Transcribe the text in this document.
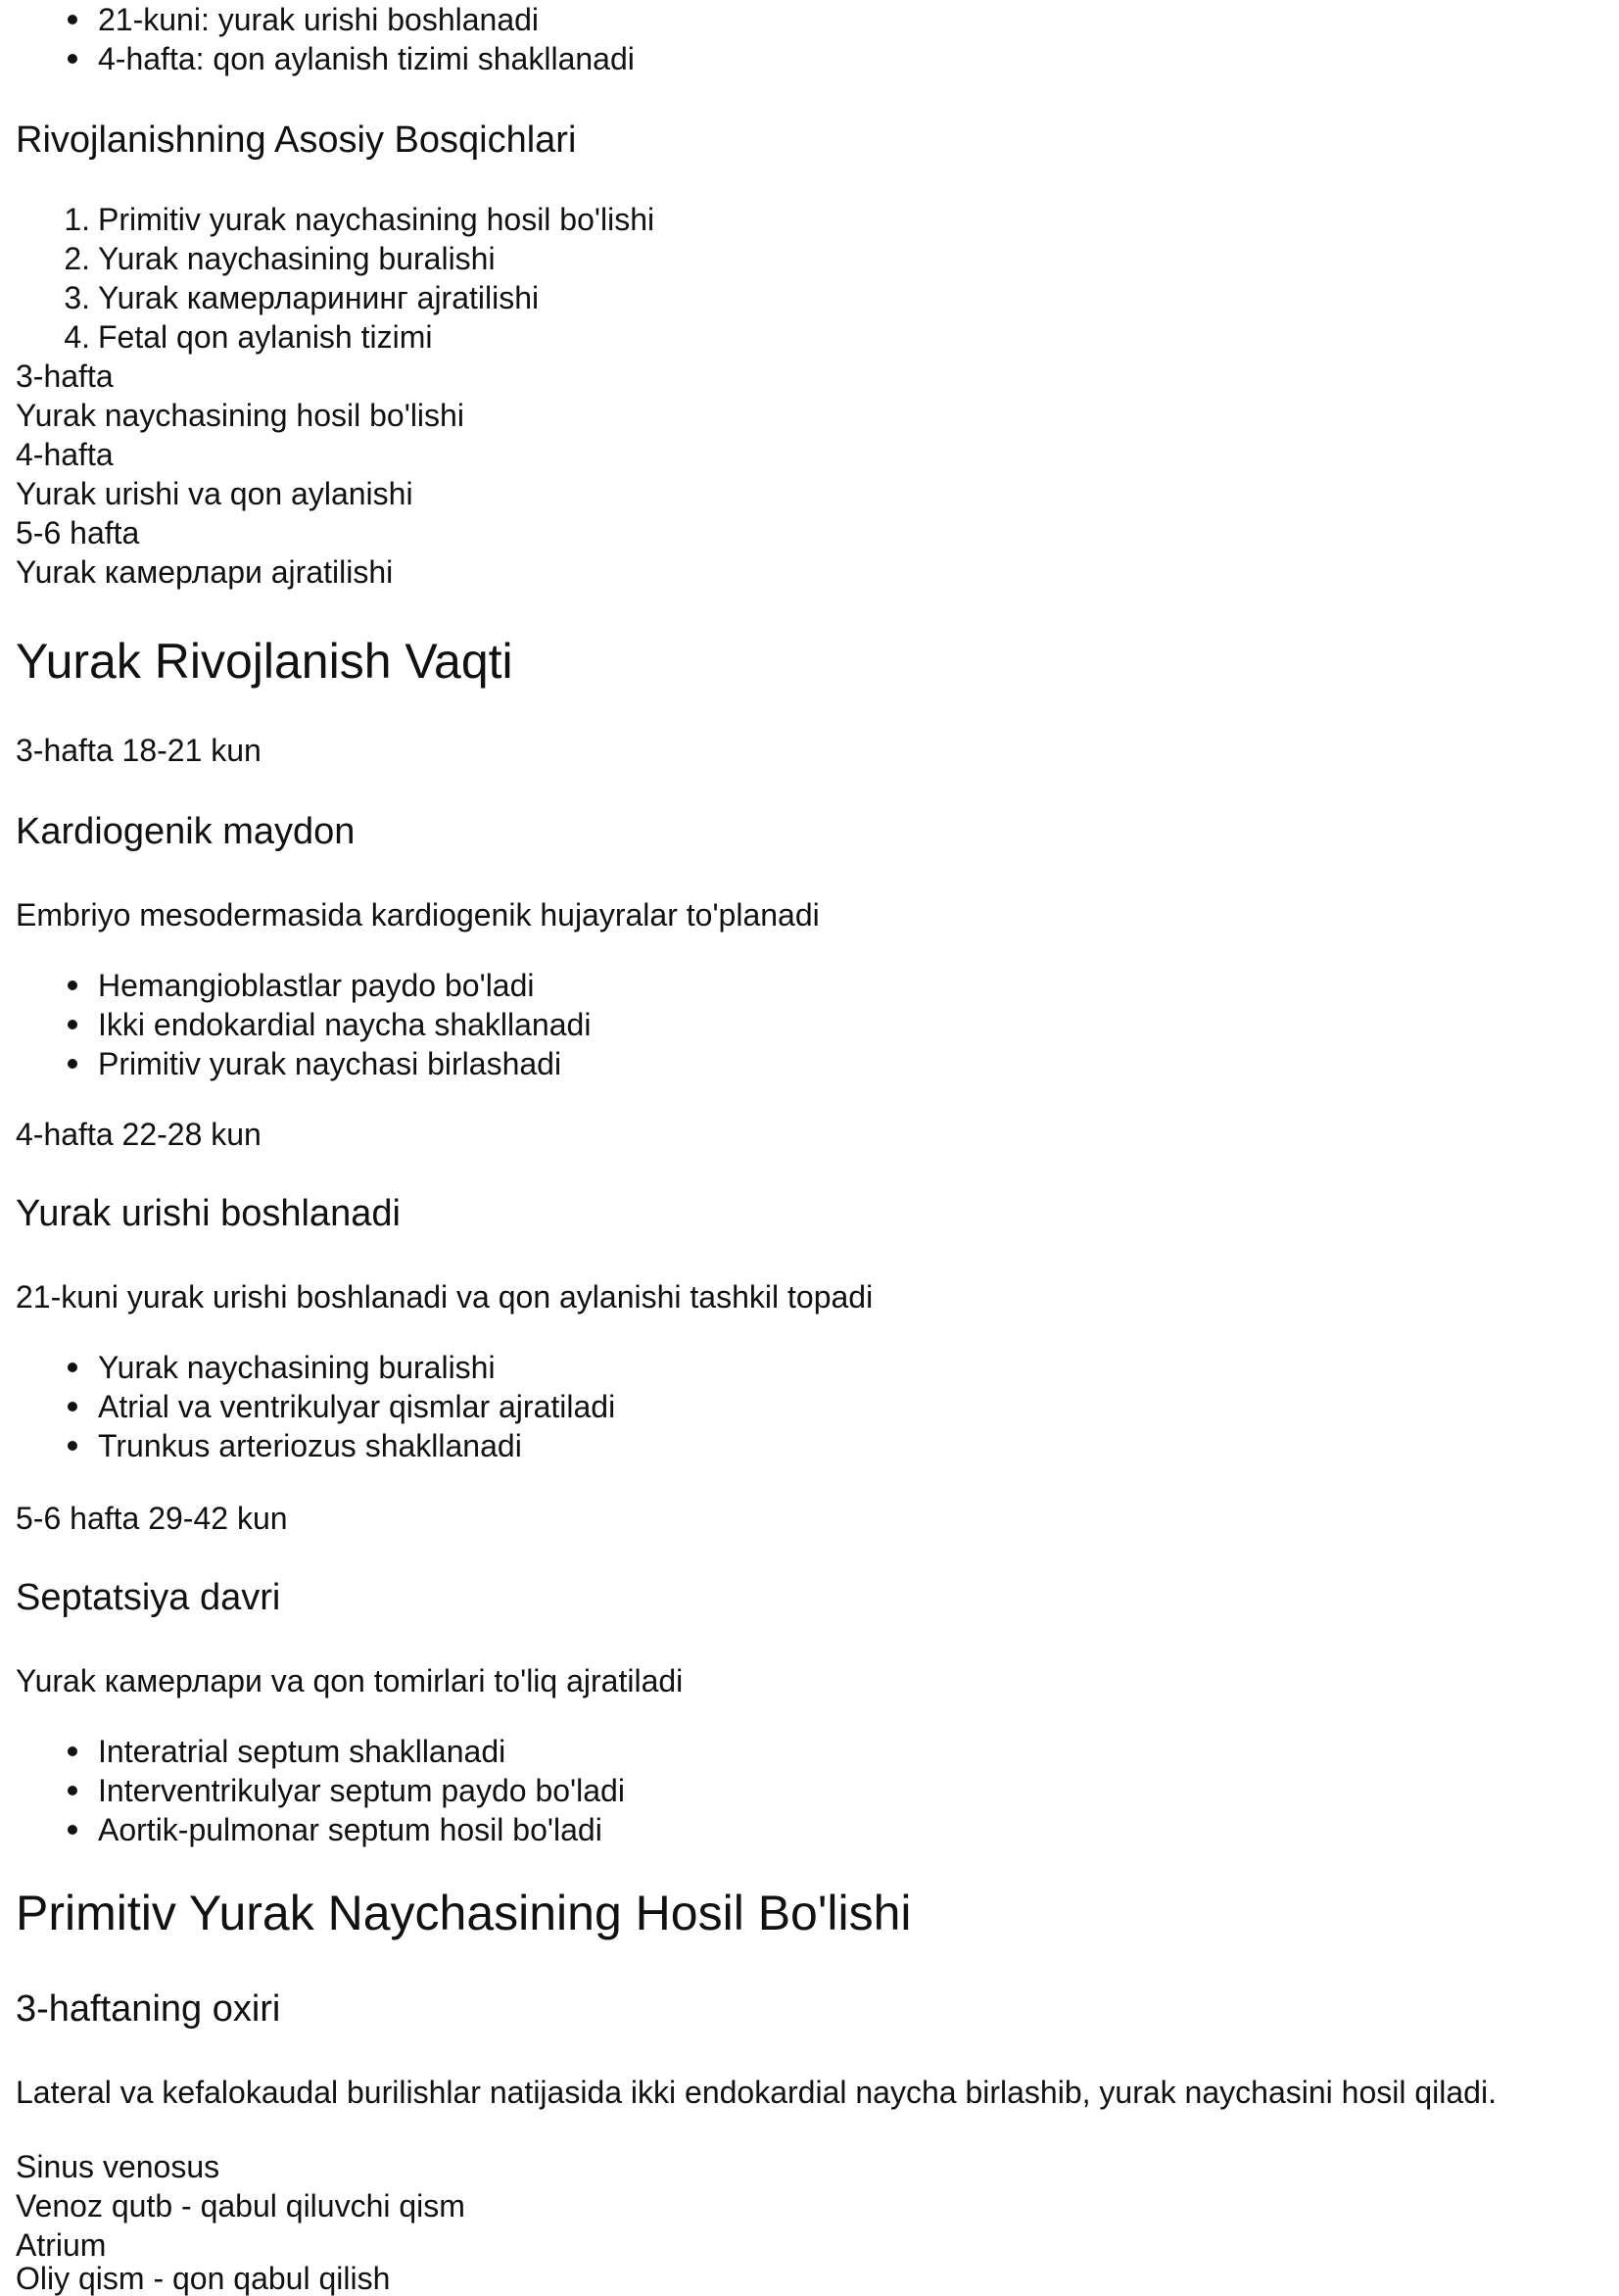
21-kuni: yurak urishi boshlanadi
4-hafta: qon aylanish tizimi shakllanadi
Rivojlanishning Asosiy Bosqichlari
1. Primitiv yurak naychasining hosil bo'lishi
2. Yurak naychasining buralishi
3. Yurak камерларининг ajratilishi
4. Fetal qon aylanish tizimi
3-hafta
Yurak naychasining hosil bo'lishi
4-hafta
Yurak urishi va qon aylanishi
5-6 hafta
Yurak камерлари ajratilishi
Yurak Rivojlanish Vaqti
3-hafta 18-21 kun
Kardiogenik maydon
Embriyo mesodermasida kardiogenik hujayralar to'planadi
Hemangioblastlar paydo bo'ladi
Ikki endokardial naycha shakllanadi
Primitiv yurak naychasi birlashadi
4-hafta 22-28 kun
Yurak urishi boshlanadi
21-kuni yurak urishi boshlanadi va qon aylanishi tashkil topadi
Yurak naychasining buralishi
Atrial va ventrikulyar qismlar ajratiladi
Trunkus arteriozus shakllanadi
5-6 hafta 29-42 kun
Septatsiya davri
Yurak камерлари va qon tomirlari to'liq ajratiladi
Interatrial septum shakllanadi
Interventrikulyar septum paydo bo'ladi
Aortik-pulmonar septum hosil bo'ladi
Primitiv Yurak Naychasining Hosil Bo'lishi
3-haftaning oxiri
Lateral va kefalokaudal burilishlar natijasida ikki endokardial naycha birlashib, yurak naychasini hosil qiladi.
Sinus venosus
Venoz qutb - qabul qiluvchi qism
Atrium
Oliy qism - qon qabul qilish
